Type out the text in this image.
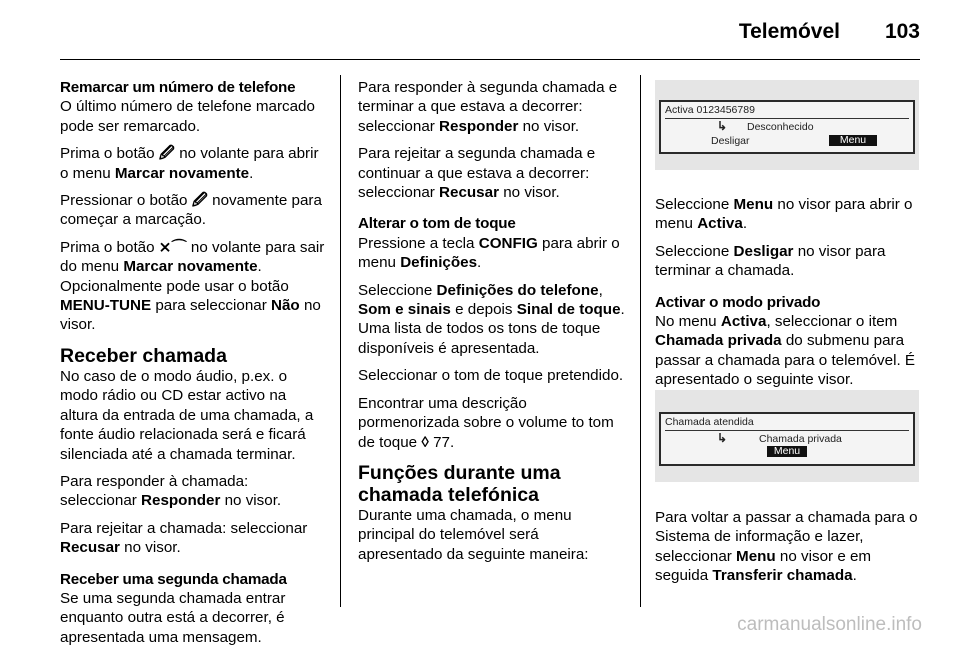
Telemóvel 103
Remarcar um número de telefone

O último número de telefone marcado pode ser remarcado.

Prima o botão 🖉 no volante para abrir o menu Marcar novamente.

Pressionar o botão 🖉 novamente para começar a marcação.

Prima o botão ⨯⌒ no volante para sair do menu Marcar novamente. Opcionalmente pode usar o botão MENU-TUNE para seleccionar Não no visor.

Receber chamada

No caso de o modo áudio, p.ex. o modo rádio ou CD estar activo na altura da entrada de uma chamada, a fonte áudio relacionada será e ficará silenciada até a chamada terminar.

Para responder à chamada: seleccionar Responder no visor.

Para rejeitar a chamada: seleccionar Recusar no visor.

Receber uma segunda chamada

Se uma segunda chamada entrar enquanto outra está a decorrer, é apresentada uma mensagem.

Para responder à segunda chamada e terminar a que estava a decorrer: seleccionar Responder no visor.

Para rejeitar a segunda chamada e continuar a que estava a decorrer: seleccionar Recusar no visor.

Alterar o tom de toque

Pressione a tecla CONFIG para abrir o menu Definições.

Seleccione Definições do telefone, Som e sinais e depois Sinal de toque. Uma lista de todos os tons de toque disponíveis é apresentada.

Seleccionar o tom de toque pretendido.

Encontrar uma descrição pormenorizada sobre o volume to tom de toque ◊ 77.

Funções durante uma chamada telefónica

Durante uma chamada, o menu principal do telemóvel será apresentado da seguinte maneira:

Activa 0123456789
↳ Desconhecido
Desligar	Menu

Seleccione Menu no visor para abrir o menu Activa.

Seleccione Desligar no visor para terminar a chamada.

Activar o modo privado

No menu Activa, seleccionar o item Chamada privada do submenu para passar a chamada para o telemóvel. É apresentado o seguinte visor.

Chamada atendida
↳	Chamada privada
Menu

Para voltar a passar a chamada para o Sistema de informação e lazer, seleccionar Menu no visor e em seguida Transferir chamada.

carmanualsonline.info
